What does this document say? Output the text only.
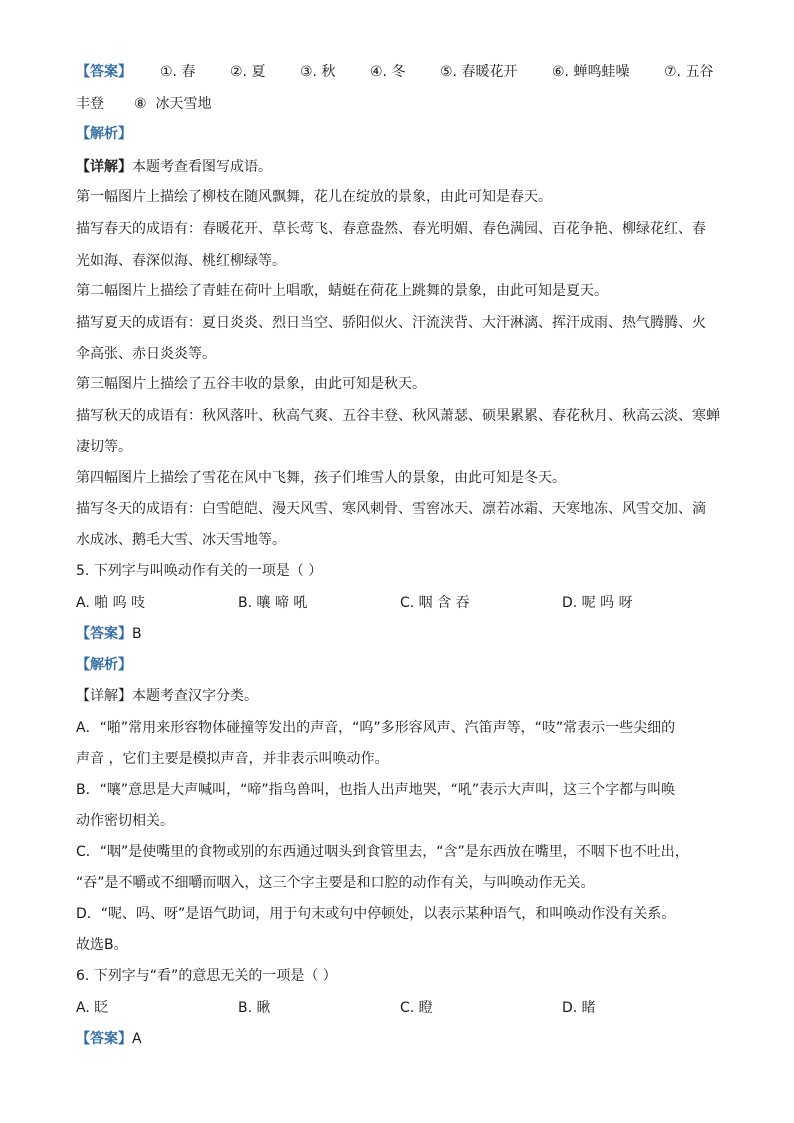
【答案】 ①. 春 ②. 夏 ③. 秋 ④. 冬 ⑤. 春暖花开 ⑥. 蝉鸣蛙噪 ⑦. 五谷
丰登 ⑧ 冰天雪地
【解析】
【详解】本题考查看图写成语。
第一幅图片上描绘了柳枝在随风飘舞，花儿在绽放的景象，由此可知是春天。
描写春天的成语有：春暖花开、草长莺飞、春意盎然、春光明媚、春色满园、百花争艳、柳绿花红、春
光如海、春深似海、桃红柳绿等。
第二幅图片上描绘了青蛙在荷叶上唱歌，蜻蜓在荷花上跳舞的景象，由此可知是夏天。
描写夏天的成语有：夏日炎炎、烈日当空、骄阳似火、汗流浃背、大汗淋漓、挥汗成雨、热气腾腾、火
伞高张、赤日炎炎等。
第三幅图片上描绘了五谷丰收的景象，由此可知是秋天。
描写秋天的成语有：秋风落叶、秋高气爽、五谷丰登、秋风萧瑟、硕果累累、春花秋月、秋高云淡、寒蝉
凄切等。
第四幅图片上描绘了雪花在风中飞舞，孩子们堆雪人的景象，由此可知是冬天。
描写冬天的成语有：白雪皑皑、漫天风雪、寒风刺骨、雪窖冰天、凛若冰霜、天寒地冻、风雪交加、滴
水成冰、鹅毛大雪、冰天雪地等。
5. 下列字与叫唤动作有关的一项是（ ）
A. 啪 呜 吱	B. 嚷 啼 吼	C. 咽 含 吞	D. 呢 吗 呀
【答案】B
【解析】
【详解】本题考查汉字分类。
A．“啪”常用来形容物体碰撞等发出的声音，“呜”多形容风声、汽笛声等，“吱”常表示一些尖细的
声音 ，它们主要是模拟声音，并非表示叫唤动作。
B．“嚷”意思是大声喊叫，“啼”指鸟兽叫，也指人出声地哭，“吼”表示大声叫，这三个字都与叫唤
动作密切相关。
C．“咽”是使嘴里的食物或别的东西通过咽头到食管里去，“含”是东西放在嘴里，不咽下也不吐出，
“吞”是不嚼或不细嚼而咽入，这三个字主要是和口腔的动作有关，与叫唤动作无关。
D．“呢、吗、呀”是语气助词，用于句末或句中停顿处，以表示某种语气，和叫唤动作没有关系。
故选B。
6. 下列字与“看”的意思无关的一项是（ ）
A. 眨	B. 瞅	C. 瞪	D. 睹
【答案】A
